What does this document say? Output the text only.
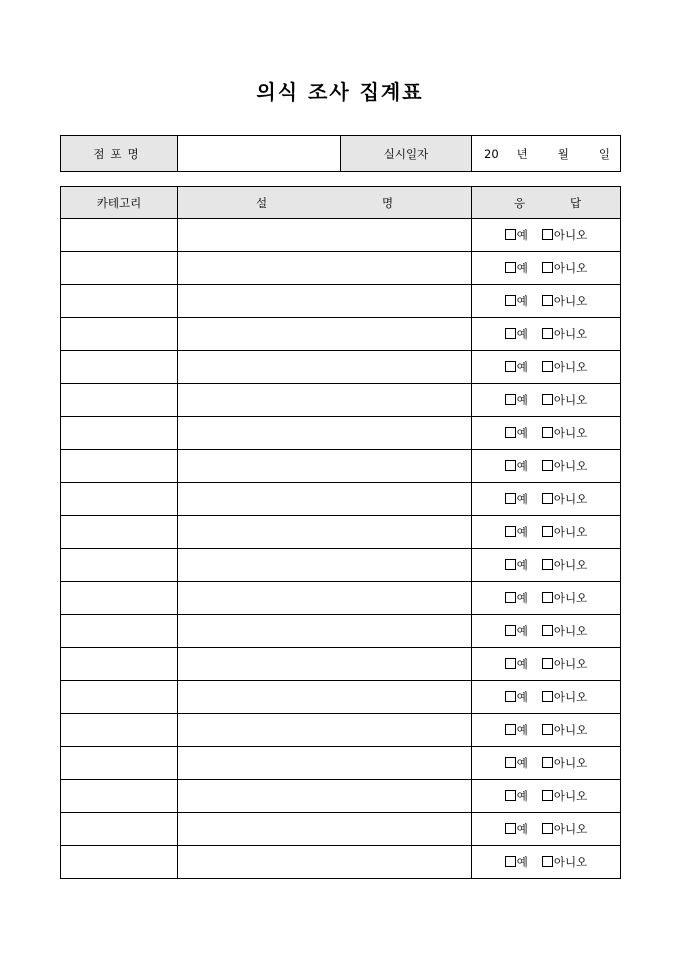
의식 조사 집계표
점포명		실시일자	20 년	월	일
카테고리	설 명	응 답

		예 아니오
		예 아니오
		예 아니오
		예 아니오
		예 아니오
		예 아니오
		예 아니오
		예 아니오
		예 아니오
		예 아니오
		예 아니오
		예 아니오
		예 아니오
		예 아니오
		예 아니오
		예 아니오
		예 아니오
		예 아니오
		예 아니오
		예 아니오
